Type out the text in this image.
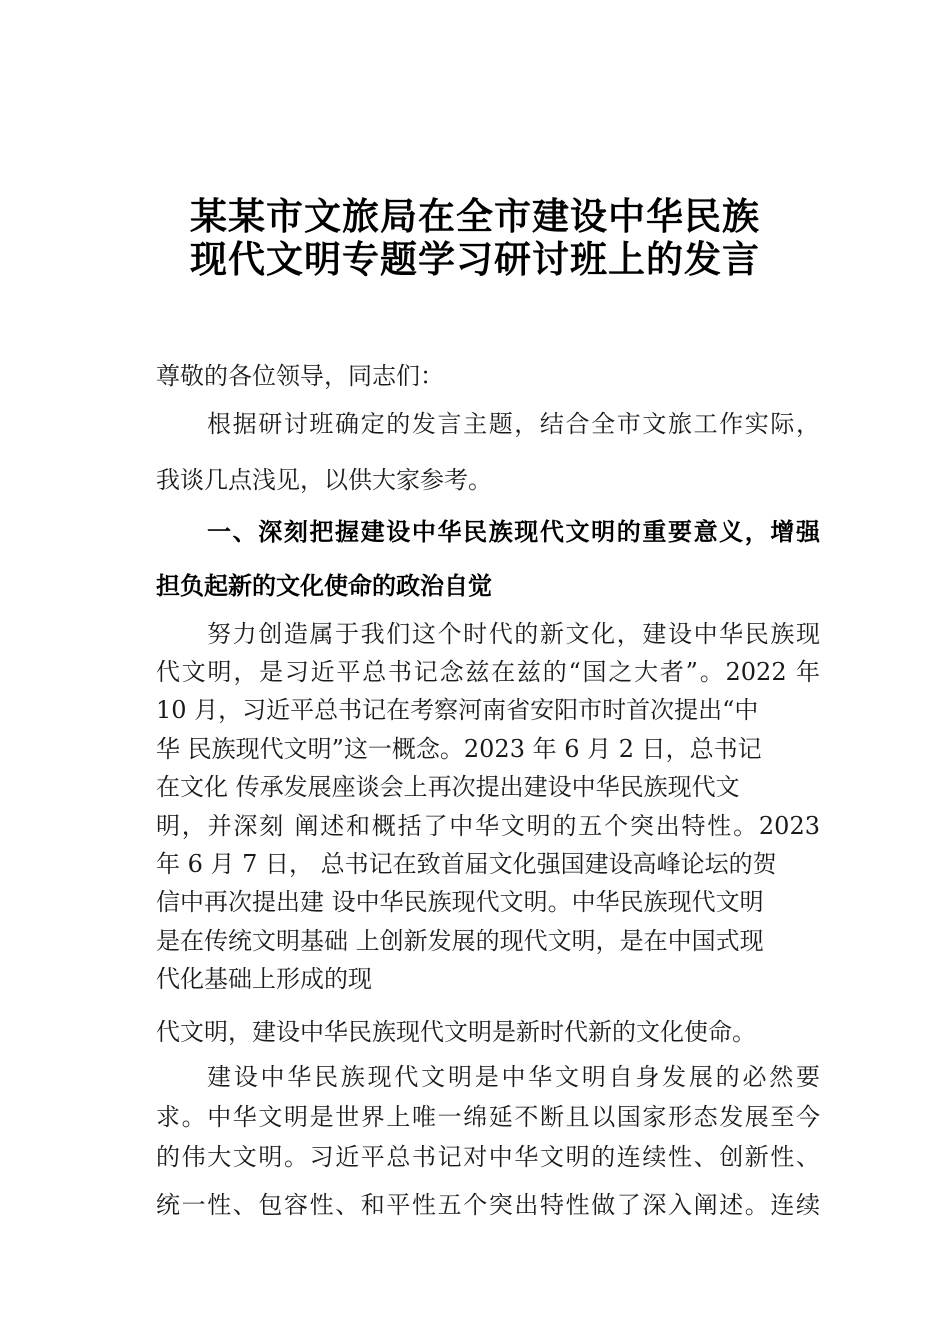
某某市文旅局在全市建设中华民族
现代文明专题学习研讨班上的发言
尊敬的各位领导，同志们：
根据研讨班确定的发言主题，结合全市文旅工作实际，
我谈几点浅见，以供大家参考。
一、深刻把握建设中华民族现代文明的重要意义，增强
担负起新的文化使命的政治自觉
努力创造属于我们这个时代的新文化，建设中华民族现
代文明，是习近平总书记念兹在兹的“国之大者”。2022 年
10 月，习近平总书记在考察河南省安阳市时首次提出“中
华 民族现代文明”这一概念。2023 年 6 月 2 日，总书记
在文化 传承发展座谈会上再次提出建设中华民族现代文
明，并深刻 阐述和概括了中华文明的五个突出特性。2023
年 6 月 7 日， 总书记在致首届文化强国建设高峰论坛的贺
信中再次提出建 设中华民族现代文明。中华民族现代文明
是在传统文明基础 上创新发展的现代文明，是在中国式现
代化基础上形成的现
代文明，建设中华民族现代文明是新时代新的文化使命。
建设中华民族现代文明是中华文明自身发展的必然要
求。中华文明是世界上唯一绵延不断且以国家形态发展至今
的伟大文明。习近平总书记对中华文明的连续性、创新性、
统一性、包容性、和平性五个突出特性做了深入阐述。连续
